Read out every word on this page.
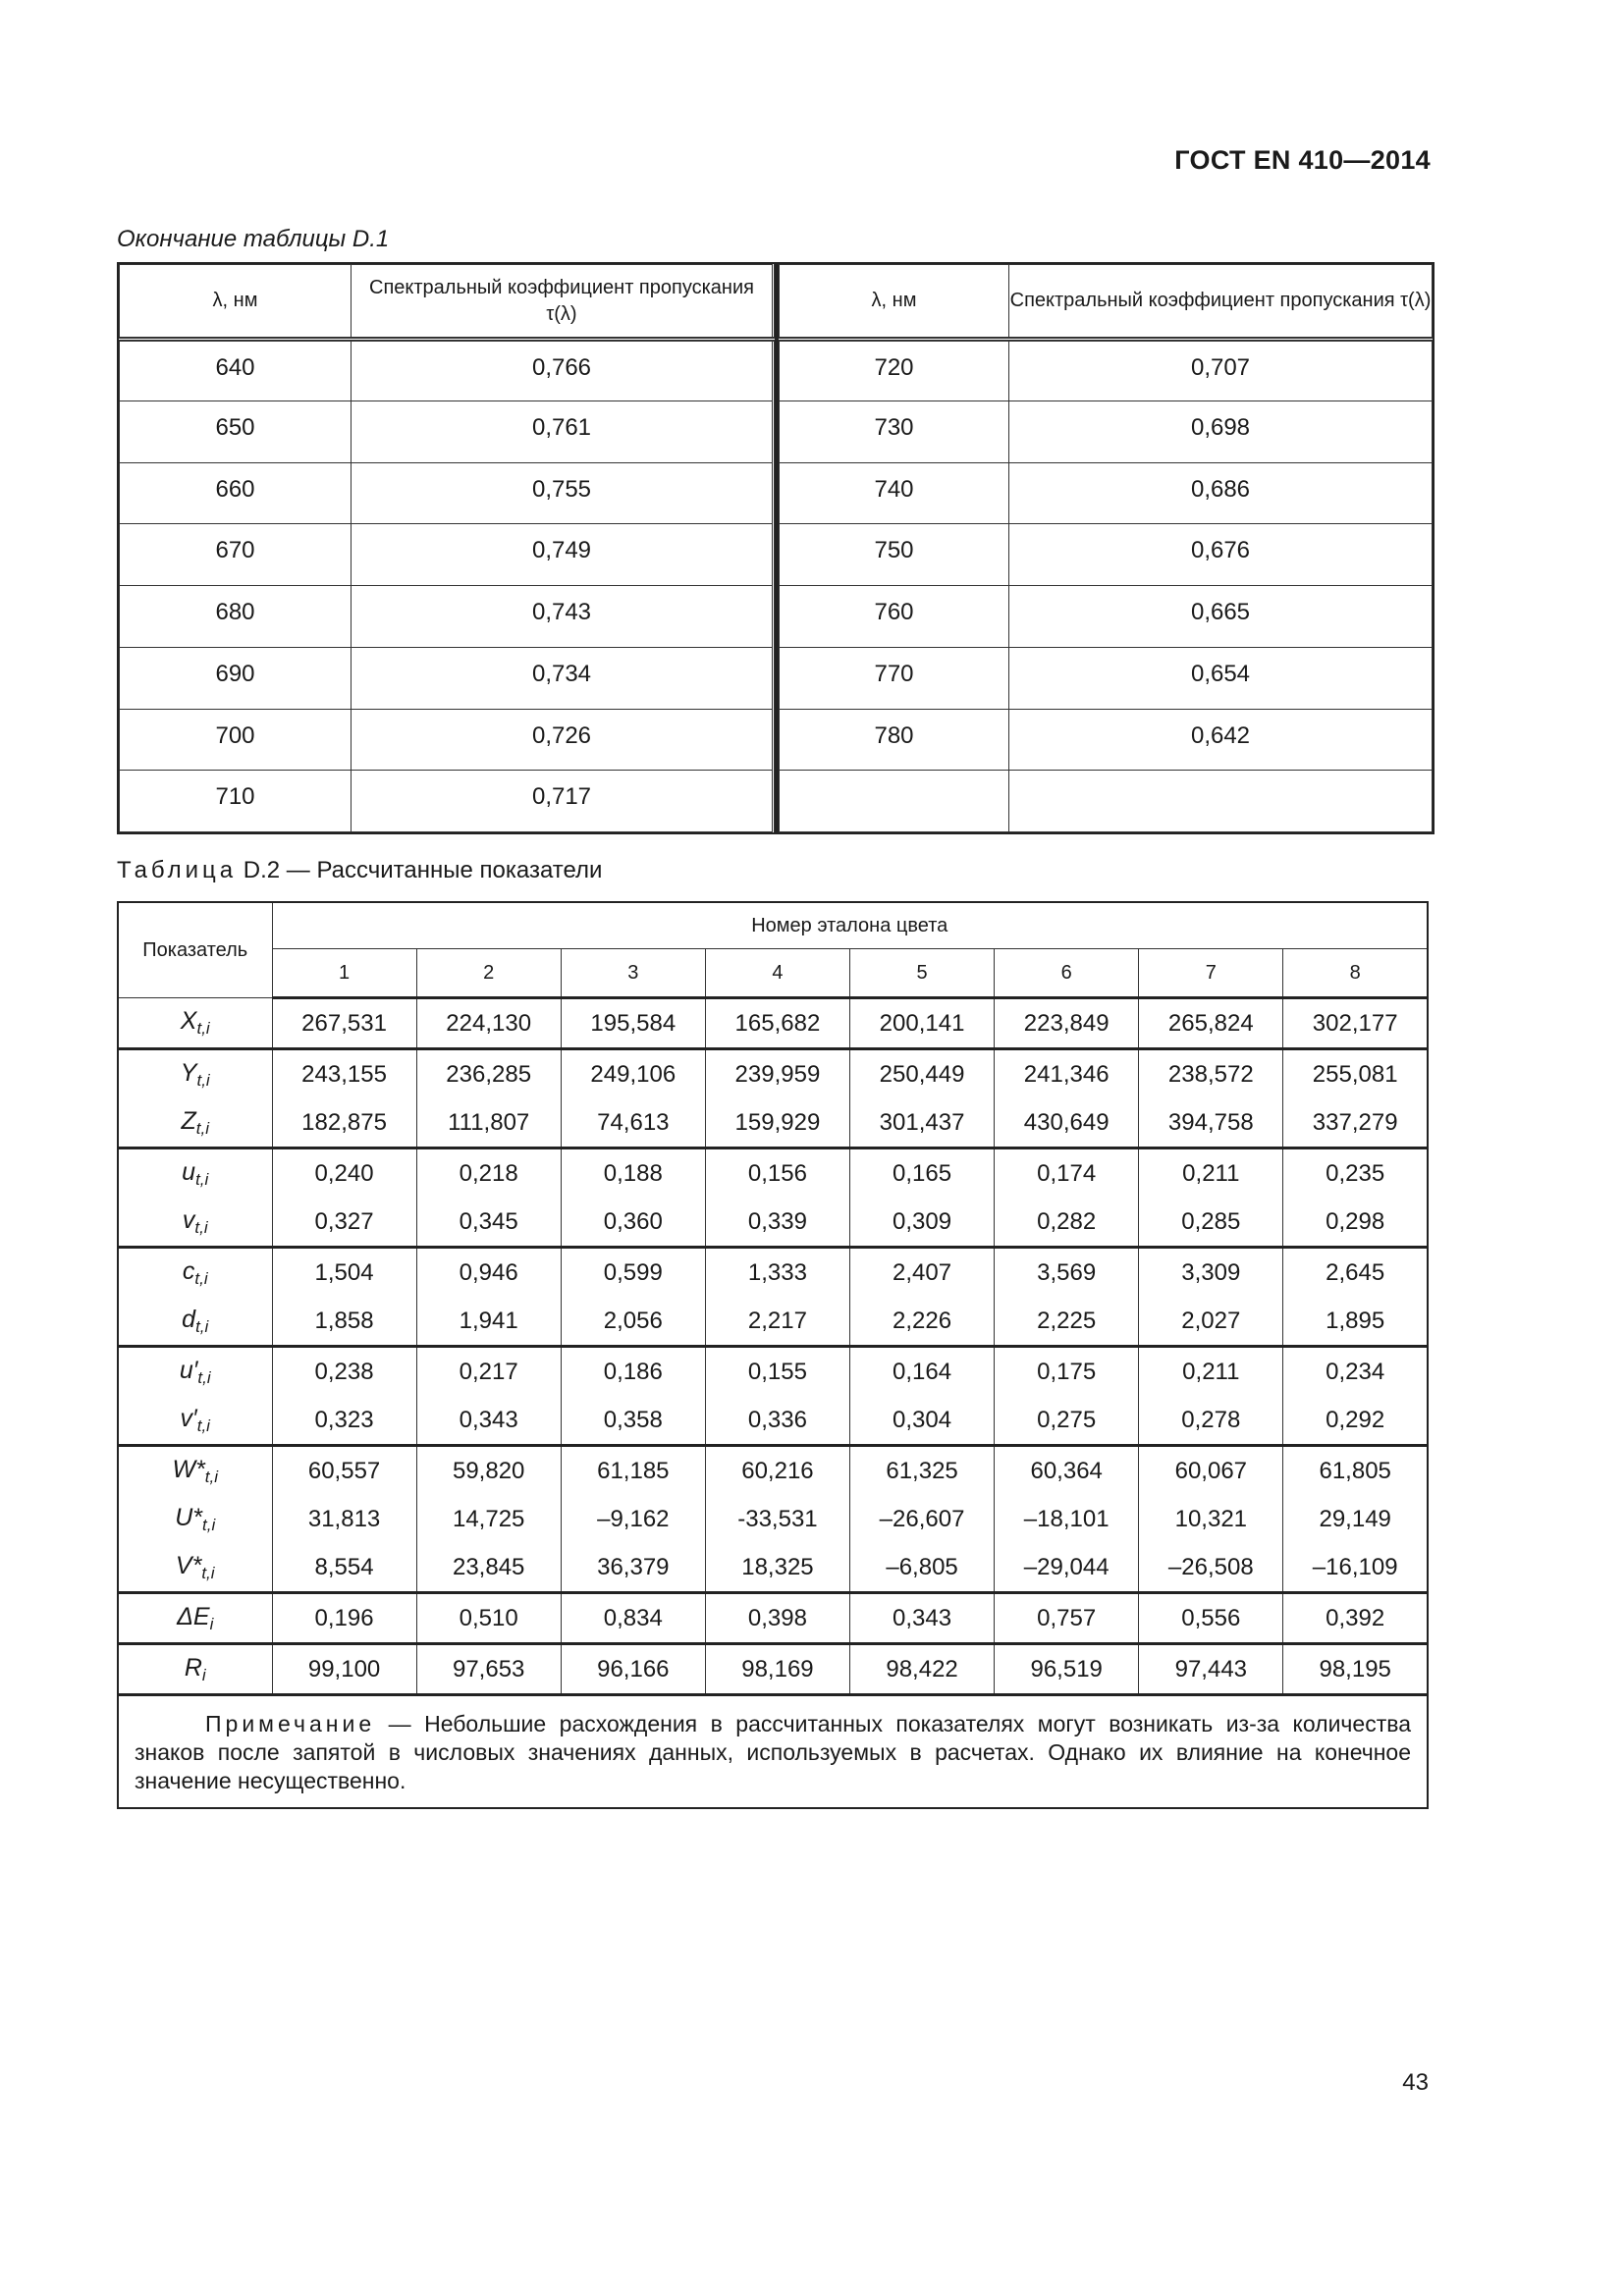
ГОСТ EN 410—2014
Окончание таблицы D.1
λ, нм	Спектральный коэффициент пропускания τ(λ)
640	0,766
650	0,761
660	0,755
670	0,749
680	0,743
690	0,734
700	0,726
710	0,717
λ, нм	Спектральный коэффициент пропускания τ(λ)
720	0,707
730	0,698
740	0,686
750	0,676
760	0,665
770	0,654
780	0,642

Таблица D.2 — Рассчитанные показатели
Показатель	Номер эталона цвета							
	1	2	3	4	5	6	7	8
$X_{t,i}$	267,531	224,130	195,584	165,682	200,141	223,849	265,824	302,177
$Y_{t,i}$	243,155	236,285	249,106	239,959	250,449	241,346	238,572	255,081
$Z_{t,i}$	182,875	111,807	74,613	159,929	301,437	430,649	394,758	337,279
$u_{t,i}$	0,240	0,218	0,188	0,156	0,165	0,174	0,211	0,235
$v_{t,i}$	0,327	0,345	0,360	0,339	0,309	0,282	0,285	0,298
$c_{t,i}$	1,504	0,946	0,599	1,333	2,407	3,569	3,309	2,645
$d_{t,i}$	1,858	1,941	2,056	2,217	2,226	2,225	2,027	1,895
$u'_{t,i}$	0,238	0,217	0,186	0,155	0,164	0,175	0,211	0,234
$v'_{t,i}$	0,323	0,343	0,358	0,336	0,304	0,275	0,278	0,292
$W*_{t,i}$	60,557	59,820	61,185	60,216	61,325	60,364	60,067	61,805
$U*_{t,i}$	31,813	14,725	–9,162	-33,531	–26,607	–18,101	10,321	29,149
$V*_{t,i}$	8,554	23,845	36,379	18,325	–6,805	–29,044	–26,508	–16,109
$\Delta E_i$	0,196	0,510	0,834	0,398	0,343	0,757	0,556	0,392
$R_i$	99,100	97,653	96,166	98,169	98,422	96,519	97,443	98,195
Примечание — Небольшие расхождения в рассчитанных показателях могут возникать из-за количества знаков после запятой в числовых значениях данных, используемых в расчетах. Однако их влияние на конечное значение несущественно.								
43
